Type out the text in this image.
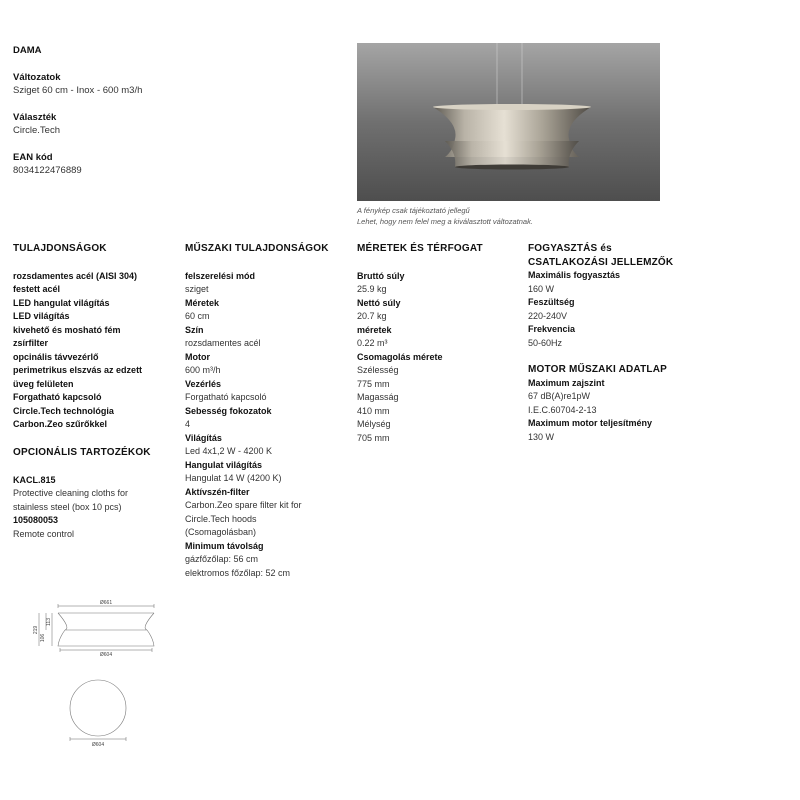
DAMA
Változatok
Sziget 60 cm - Inox - 600 m3/h
Választék
Circle.Tech
EAN kód
8034122476889
A fénykép csak tájékoztató jellegű
Lehet, hogy nem felel meg a kiválasztott változatnak.
TULAJDONSÁGOK
rozsdamentes acél (AISI 304)
festett acél
LED hangulat világítás
LED világítás
kivehető és mosható fém
zsírfilter
opcinális távvezérlő
perimetrikus elszvás az edzett
üveg felületen
Forgatható kapcsoló
Circle.Tech technológia
Carbon.Zeo szűrőkkel
OPCIONÁLIS TARTOZÉKOK
KACL.815
Protective cleaning cloths for
stainless steel (box 10 pcs)
105080053
Remote control
MŰSZAKI TULAJDONSÁGOK
felszerelési mód
sziget
Méretek
60 cm
Szín
rozsdamentes acél
Motor
600 m³/h
Vezérlés
Forgatható kapcsoló
Sebesség fokozatok
4
Világítás
Led 4x1,2 W - 4200 K
Hangulat világítás
Hangulat 14 W (4200 K)
Aktívszén-filter
Carbon.Zeo spare filter kit for
Circle.Tech hoods
(Csomagolásban)
Minimum távolság
gázfőzőlap: 56 cm
elektromos főzőlap: 52 cm
MÉRETEK ÉS TÉRFOGAT
Bruttó súly
25.9 kg
Nettó súly
20.7 kg
méretek
0.22 m³
Csomagolás mérete
Szélesség
775 mm
Magasság
410 mm
Mélység
705 mm
FOGYASZTÁS és
CSATLAKOZÁSI JELLEMZŐK
Maximális fogyasztás
160 W
Feszültség
220-240V
Frekvencia
50-60Hz
MOTOR MŰSZAKI ADATLAP
Maximum zajszint
67 dB(A)re1pW
I.E.C.60704-2-13
Maximum motor teljesítmény
130 W
Ø661
Ø604
219
106
113
Ø604
